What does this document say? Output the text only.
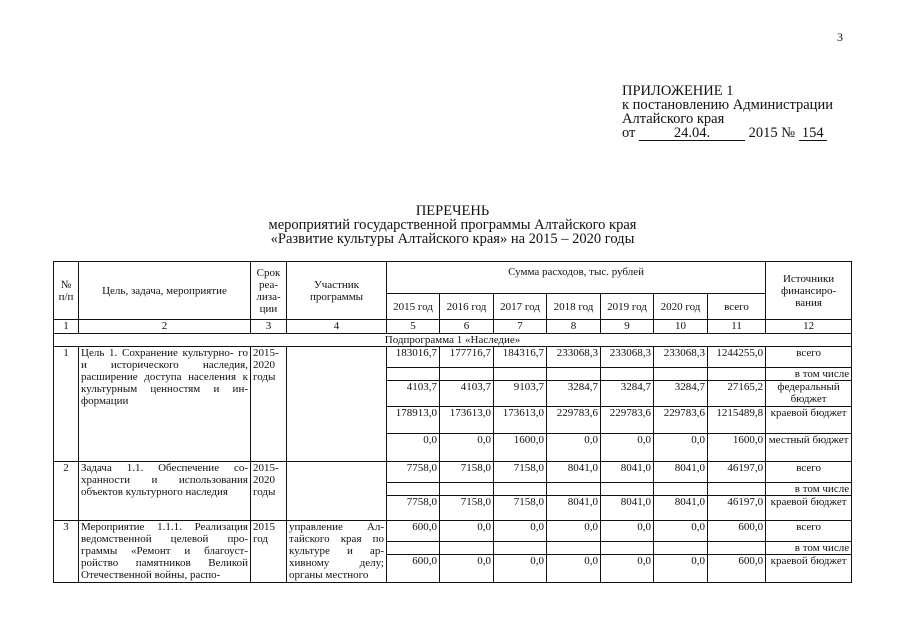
3
ПРИЛОЖЕНИЕ 1
к постановлению Администрации
Алтайского края
от	24.04.	2015 № 154
ПЕРЕЧЕНЬ
мероприятий государственной программы Алтайского края
«Развитие культуры Алтайского края» на 2015 – 2020 годы
№ п/п	Цель, задача, мероприятие	Срок реа- лиза- ции	Участник программы	Сумма расходов, тыс. рублей							Источники финансиро- вания
				2015 год	2016 год	2017 год	2018 год	2019 год	2020 год	всего	
1	2	3	4	5	6	7	8	9	10	11	12
Подпрограмма 1 «Наследие»											
1	Цель 1. Сохранение культурно- го и исторического наследия, расширение доступа населения к культурным ценностям и ин- формации	2015- 2020 годы		183016,7	177716,7	184316,7	233068,3	233068,3	233068,3	1244255,0	всего
											в том числе
				4103,7	4103,7	9103,7	3284,7	3284,7	3284,7	27165,2	федеральный бюджет
				178913,0	173613,0	173613,0	229783,6	229783,6	229783,6	1215489,8	краевой бюджет
				0,0	0,0	1600,0	0,0	0,0	0,0	1600,0	местный бюджет
2	Задача 1.1. Обеспечение со- хранности и использования объектов культурного наследия	2015- 2020 годы		7758,0	7158,0	7158,0	8041,0	8041,0	8041,0	46197,0	всего
											в том числе
				7758,0	7158,0	7158,0	8041,0	8041,0	8041,0	46197,0	краевой бюджет
3	Мероприятие 1.1.1. Реализация ведомственной целевой про- граммы «Ремонт и благоуст- ройство памятников Великой Отечественной войны, распо-	2015 год	управление Ал- тайского края по культуре и ар- хивному делу; органы местного	600,0	0,0	0,0	0,0	0,0	0,0	600,0	всего
											в том числе
				600,0	0,0	0,0	0,0	0,0	0,0	600,0	краевой бюджет
